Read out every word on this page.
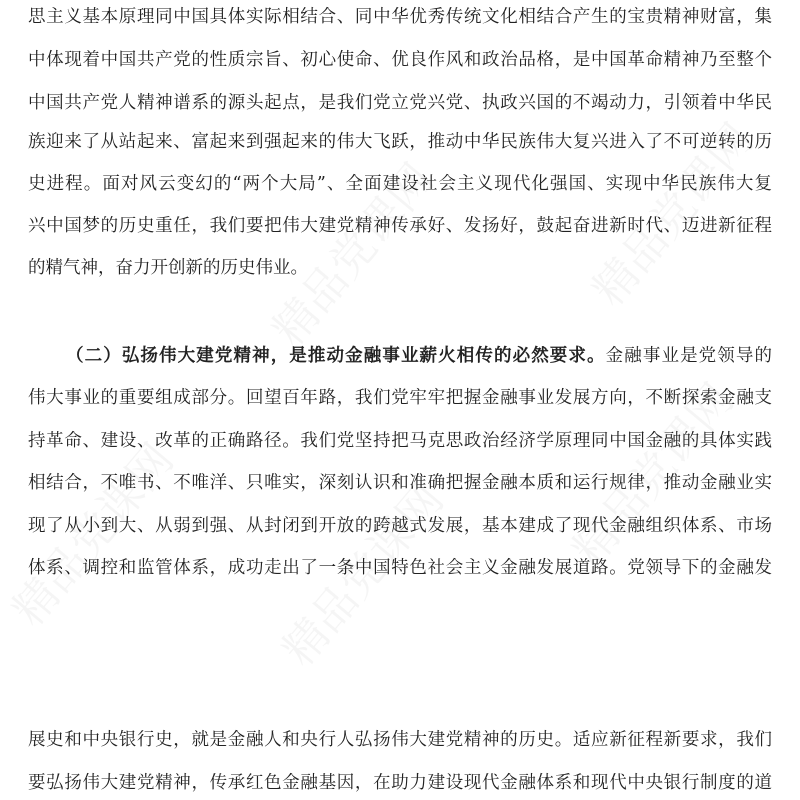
精品党课网
精品党课网
精品党课网
精品党课网 精品党课网
思主义基本原理同中国具体实际相结合、同中华优秀传统文化相结合产生的宝贵精神财富，集
中体现着中国共产党的性质宗旨、初心使命、优良作风和政治品格，是中国革命精神乃至整个
中国共产党人精神谱系的源头起点，是我们党立党兴党、执政兴国的不竭动力，引领着中华民
族迎来了从站起来、富起来到强起来的伟大飞跃，推动中华民族伟大复兴进入了不可逆转的历
史进程。面对风云变幻的“两个大局”、全面建设社会主义现代化强国、实现中华民族伟大复
兴中国梦的历史重任，我们要把伟大建党精神传承好、发扬好，鼓起奋进新时代、迈进新征程
的精气神，奋力开创新的历史伟业。
（二）弘扬伟大建党精神，是推动金融事业薪火相传的必然要求。金融事业是党领导的
伟大事业的重要组成部分。回望百年路，我们党牢牢把握金融事业发展方向，不断探索金融支
持革命、建设、改革的正确路径。我们党坚持把马克思政治经济学原理同中国金融的具体实践
相结合，不唯书、不唯洋、只唯实，深刻认识和准确把握金融本质和运行规律，推动金融业实
现了从小到大、从弱到强、从封闭到开放的跨越式发展，基本建成了现代金融组织体系、市场
体系、调控和监管体系，成功走出了一条中国特色社会主义金融发展道路。党领导下的金融发
展史和中央银行史，就是金融人和央行人弘扬伟大建党精神的历史。适应新征程新要求，我们
要弘扬伟大建党精神，传承红色金融基因，在助力建设现代金融体系和现代中央银行制度的道
